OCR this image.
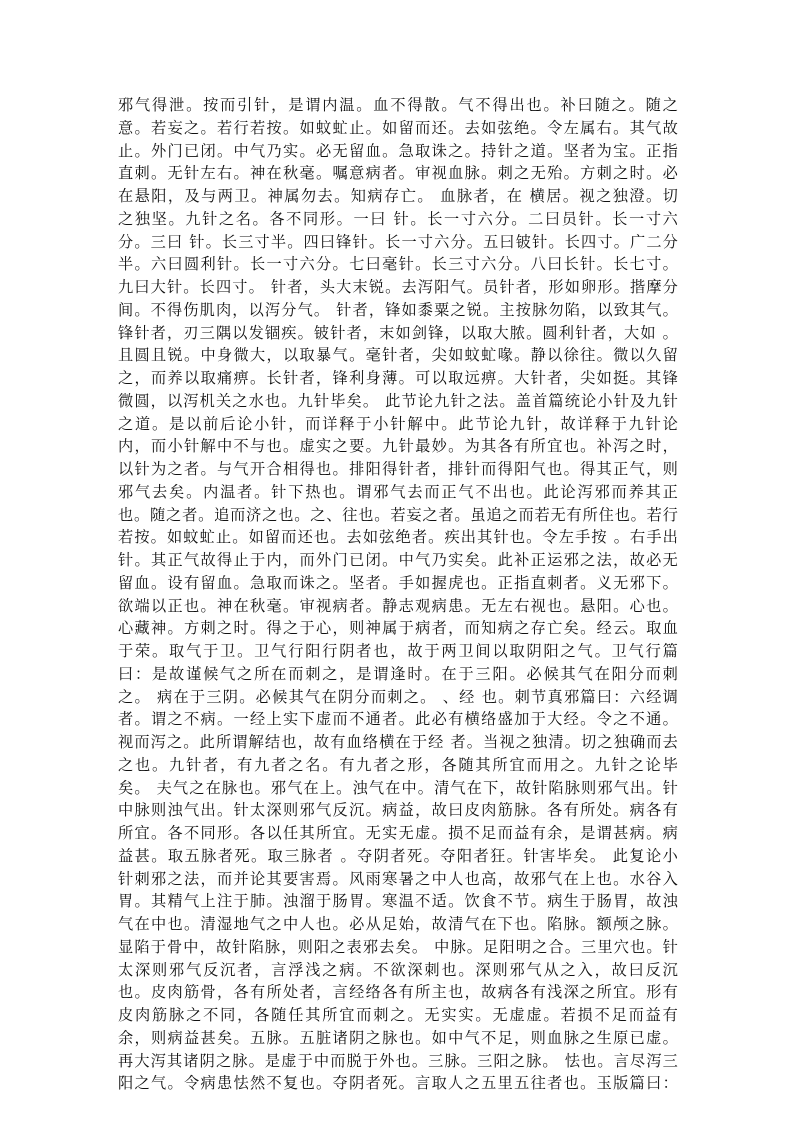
邪气得泄。按而引针，是谓内温。血不得散。气不得出也。补曰随之。随之
意。若妄之。若行若按。如蚊虻止。如留而还。去如弦绝。令左属右。其气故
止。外门已闭。中气乃实。必无留血。急取诛之。持针之道。坚者为宝。正指
直刺。无针左右。神在秋毫。嘱意病者。审视血脉。刺之无殆。方刺之时。必
在悬阳，及与两卫。神属勿去。知病存亡。 血脉者，在 横居。视之独澄。切
之独坚。九针之名。各不同形。一曰 针。长一寸六分。二曰员针。长一寸六
分。三曰 针。长三寸半。四曰锋针。长一寸六分。五曰铍针。长四寸。广二分
半。六曰圆利针。长一寸六分。七曰毫针。长三寸六分。八曰长针。长七寸。
九曰大针。长四寸。 针者，头大末锐。去泻阳气。员针者，形如卵形。揩摩分
间。不得伤肌肉，以泻分气。 针者，锋如黍粟之锐。主按脉勿陷，以致其气。
锋针者，刃三隅以发锢疾。铍针者，末如剑锋，以取大脓。圆利针者，大如 。
且圆且锐。中身微大，以取暴气。毫针者，尖如蚊虻喙。静以徐往。微以久留
之，而养以取痛痹。长针者，锋利身薄。可以取远痹。大针者，尖如挺。其锋
微圆，以泻机关之水也。九针毕矣。 此节论九针之法。盖首篇统论小针及九针
之道。是以前后论小针，而详释于小针解中。此节论九针，故详释于九针论
内，而小针解中不与也。虚实之要。九针最妙。为其各有所宜也。补泻之时，
以针为之者。与气开合相得也。排阳得针者，排针而得阳气也。得其正气，则
邪气去矣。内温者。针下热也。谓邪气去而正气不出也。此论泻邪而养其正
也。随之者。追而济之也。之、往也。若妄之者。虽追之而若无有所住也。若行
若按。如蚊虻止。如留而还也。去如弦绝者。疾出其针也。令左手按 。右手出
针。其正气故得止于内，而外门已闭。中气乃实矣。此补正运邪之法，故必无
留血。设有留血。急取而诛之。坚者。手如握虎也。正指直刺者。义无邪下。
欲端以正也。神在秋毫。审视病者。静志观病患。无左右视也。悬阳。心也。
心藏神。方刺之时。得之于心，则神属于病者，而知病之存亡矣。经云。取血
于荣。取气于卫。卫气行阳行阴者也，故于两卫间以取阴阳之气。卫气行篇
曰：是故谨候气之所在而刺之，是谓逢时。在于三阳。必候其气在阳分而刺
之。 病在于三阴。必候其气在阴分而刺之。 、经 也。刺节真邪篇曰：六经调
者。谓之不病。一经上实下虚而不通者。此必有横络盛加于大经。令之不通。
视而泻之。此所谓解结也，故有血络横在于经 者。当视之独清。切之独确而去
之也。九针者，有九者之名。有九者之形，各随其所宜而用之。九针之论毕
矣。 夫气之在脉也。邪气在上。浊气在中。清气在下，故针陷脉则邪气出。针
中脉则浊气出。针太深则邪气反沉。病益，故曰皮肉筋脉。各有所处。病各有
所宜。各不同形。各以任其所宜。无实无虚。损不足而益有余，是谓甚病。病
益甚。取五脉者死。取三脉者 。夺阴者死。夺阳者狂。针害毕矣。 此复论小
针刺邪之法，而并论其要害焉。风雨寒暑之中人也高，故邪气在上也。水谷入
胃。其精气上注于肺。浊溜于肠胃。寒温不适。饮食不节。病生于肠胃，故浊
气在中也。清湿地气之中人也。必从足始，故清气在下也。陷脉。额颅之脉。
显陷于骨中，故针陷脉，则阳之表邪去矣。 中脉。足阳明之合。三里穴也。针
太深则邪气反沉者，言浮浅之病。不欲深刺也。深则邪气从之入，故曰反沉
也。皮肉筋骨，各有所处者，言经络各有所主也，故病各有浅深之所宜。形有
皮肉筋脉之不同，各随任其所宜而刺之。无实实。无虚虚。若损不足而益有
余，则病益甚矣。五脉。五脏诸阴之脉也。如中气不足，则血脉之生原已虚。
再大泻其诸阴之脉。是虚于中而脱于外也。三脉。三阳之脉。 怯也。言尽泻三
阳之气。令病患怯然不复也。夺阴者死。言取人之五里五往者也。玉版篇曰：
